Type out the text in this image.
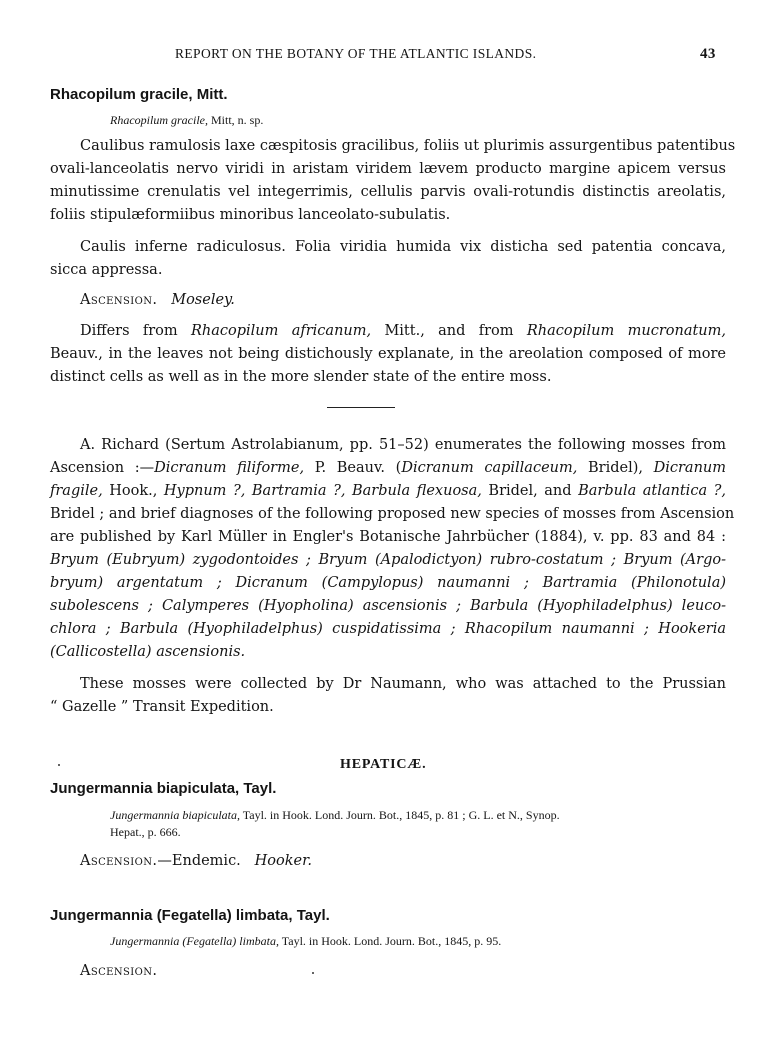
REPORT ON THE BOTANY OF THE ATLANTIC ISLANDS.	43
Rhacopilum gracile, Mitt.
Rhacopilum gracile, Mitt, n. sp.
Caulibus ramulosis laxe cæspitosis gracilibus, foliis ut plurimis assurgentibus patentibus
ovali-lanceolatis nervo viridi in aristam viridem lævem producto margine apicem versus
minutissime crenulatis vel integerrimis, cellulis parvis ovali-rotundis distinctis areolatis,
foliis stipulæformiibus minoribus lanceolato-subulatis.
Caulis inferne radiculosus. Folia viridia humida vix disticha sed patentia concava,
sicca appressa.
Ascension. Moseley.
Differs from Rhacopilum africanum, Mitt., and from Rhacopilum mucronatum,
Beauv., in the leaves not being distichously explanate, in the areolation composed of more
distinct cells as well as in the more slender state of the entire moss.
A. Richard (Sertum Astrolabianum, pp. 51–52) enumerates the following mosses from
Ascension :—Dicranum filiforme, P. Beauv. (Dicranum capillaceum, Bridel), Dicranum
fragile, Hook., Hypnum ?, Bartramia ?, Barbula flexuosa, Bridel, and Barbula atlantica ?,
Bridel ; and brief diagnoses of the following proposed new species of mosses from Ascension
are published by Karl Müller in Engler's Botanische Jahrbücher (1884), v. pp. 83 and 84 :
Bryum (Eubryum) zygodontoides ; Bryum (Apalodictyon) rubro-costatum ; Bryum (Argo-
bryum) argentatum ; Dicranum (Campylopus) naumanni ; Bartramia (Philonotula)
subolescens ; Calymperes (Hyopholina) ascensionis ; Barbula (Hyophiladelphus) leuco-
chlora ; Barbula (Hyophiladelphus) cuspidatissima ; Rhacopilum naumanni ; Hookeria
(Callicostella) ascensionis.
These mosses were collected by Dr Naumann, who was attached to the Prussian
“ Gazelle ” Transit Expedition.
HEPATICÆ.
Jungermannia biapiculata, Tayl.
Jungermannia biapiculata, Tayl. in Hook. Lond. Journ. Bot., 1845, p. 81 ; G. L. et N., Synop.
Hepat., p. 666.
Ascension.—Endemic. Hooker.
Jungermannia (Fegatella) limbata, Tayl.
Jungermannia (Fegatella) limbata, Tayl. in Hook. Lond. Journ. Bot., 1845, p. 95.
Ascension.
